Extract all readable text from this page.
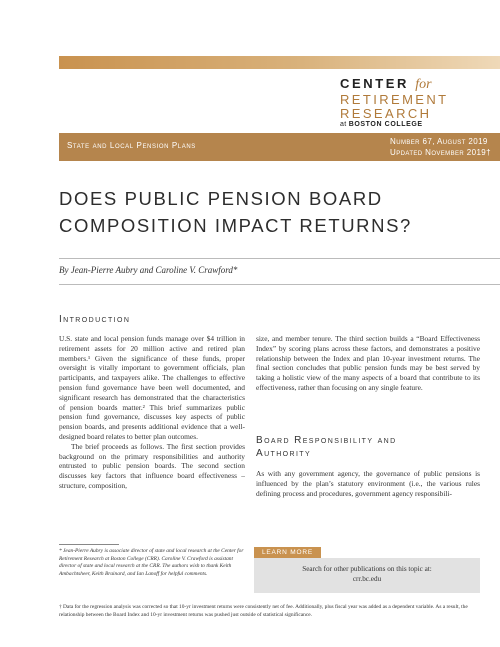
CENTER for
RETIREMENT
RESEARCH
at BOSTON COLLEGE
State and Local Pension Plans	Number 67, August 2019
Updated November 2019†
DOES PUBLIC PENSION BOARD
COMPOSITION IMPACT RETURNS?
By Jean-Pierre Aubry and Caroline V. Crawford*
Introduction

U.S. state and local pension funds manage over $4 trillion in retirement assets for 20 million active and retired plan members.¹ Given the significance of these funds, proper oversight is vitally important to government officials, plan participants, and taxpayers alike. The challenges to effective pension fund governance have been well documented, and significant research has demonstrated that the characteristics of pension boards matter.² This brief summarizes public pension fund governance, discusses key aspects of public pension boards, and presents additional evidence that a well-designed board relates to better plan outcomes.

The brief proceeds as follows. The first section provides background on the primary responsibilities and authority entrusted to public pension boards. The second section discusses key factors that influence board effectiveness – structure, composition,

size, and member tenure. The third section builds a “Board Effectiveness Index” by scoring plans across these factors, and demonstrates a positive relationship between the Index and plan 10-year investment returns. The final section concludes that public pension funds may be best served by taking a holistic view of the many aspects of a board that contribute to its effectiveness, rather than focusing on any single feature.

Board Responsibility and
Authority

As with any government agency, the governance of public pensions is influenced by the plan’s statutory environment (i.e., the various rules defining process and procedures, government agency responsibili-

* Jean-Pierre Aubry is associate director of state and local research at the Center for Retirement Research at Boston College (CRR). Caroline V. Crawford is assistant director of state and local research at the CRR. The authors wish to thank Keith Ambachtsheer, Keith Brainard, and Ian Lanoff for helpful comments.
LEARN MORE
Search for other publications on this topic at:
crr.bc.edu
† Data for the regression analysis was corrected so that 10-yr investment returns were consistently net of fee. Additionally, plus fiscal year was added as a dependent variable. As a result, the relationship between the Board Index and 10-yr investment returns was pushed just outside of statistical significance.
